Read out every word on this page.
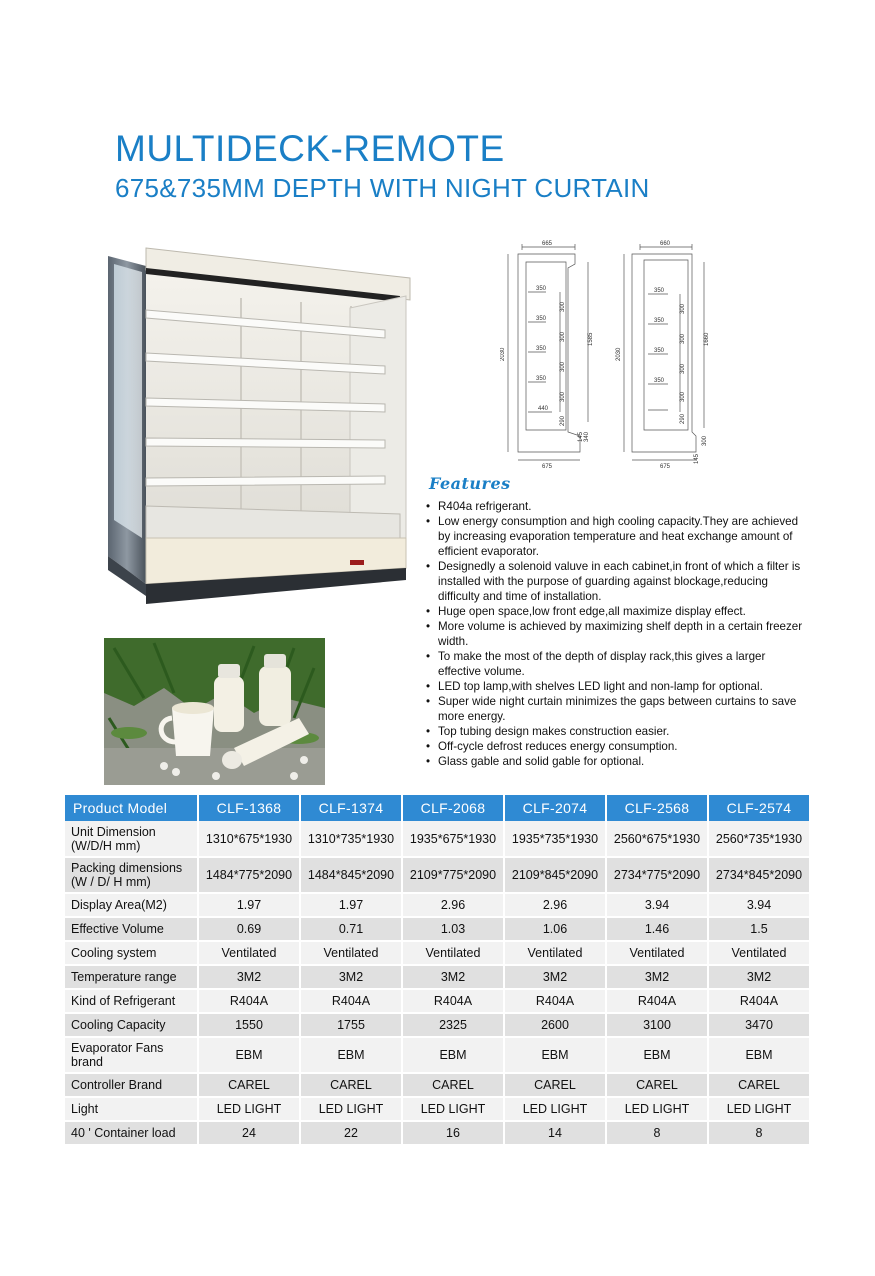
MULTIDECK-REMOTE
675&735MM DEPTH WITH NIGHT CURTAIN
665
675
2030
1585
350
350
350
350
440
300
300
300
300
290
145 340
660
675
2030
1660
350
350
350
350
300
300
300
300
290
300
145
Features
• R404a refrigerant.
• Low energy consumption and high cooling capacity.They are achieved by increasing evaporation temperature and heat exchange amount of efficient evaporator.
• Designedly a solenoid valuve in each cabinet,in front of which a filter is installed with the purpose of guarding against blockage,reducing difficulty and time of installation.
• Huge open space,low front edge,all maximize display effect.
• More volume is achieved by maximizing shelf depth in a certain freezer width.
• To make the most of the depth of display rack,this gives a larger effective volume.
• LED top lamp,with shelves LED light and non-lamp for optional.
• Super wide night curtain minimizes the gaps between curtains to save more energy.
• Top tubing design makes construction easier.
• Off-cycle defrost reduces energy consumption.
• Glass gable and solid gable for optional.
Product Model	CLF-1368	CLF-1374	CLF-2068	CLF-2074	CLF-2568	CLF-2574

Unit Dimension
(W/D/H mm)	1310*675*1930	1310*735*1930	1935*675*1930	1935*735*1930	2560*675*1930	2560*735*1930

Packing dimensions
(W / D/ H mm)	1484*775*2090	1484*845*2090	2109*775*2090	2109*845*2090	2734*775*2090	2734*845*2090

Display Area(M2)	1.97	1.97	2.96	2.96	3.94	3.94

Effective Volume	0.69	0.71	1.03	1.06	1.46	1.5

Cooling system	Ventilated	Ventilated	Ventilated	Ventilated	Ventilated	Ventilated

Temperature range	3M2	3M2	3M2	3M2	3M2	3M2

Kind of Refrigerant	R404A	R404A	R404A	R404A	R404A	R404A

Cooling Capacity	1550	1755	2325	2600	3100	3470

Evaporator Fans
brand	EBM	EBM	EBM	EBM	EBM	EBM

Controller Brand	CAREL	CAREL	CAREL	CAREL	CAREL	CAREL

Light	LED LIGHT	LED LIGHT	LED LIGHT	LED LIGHT	LED LIGHT	LED LIGHT

40 ' Container load	24	22	16	14	8	8
